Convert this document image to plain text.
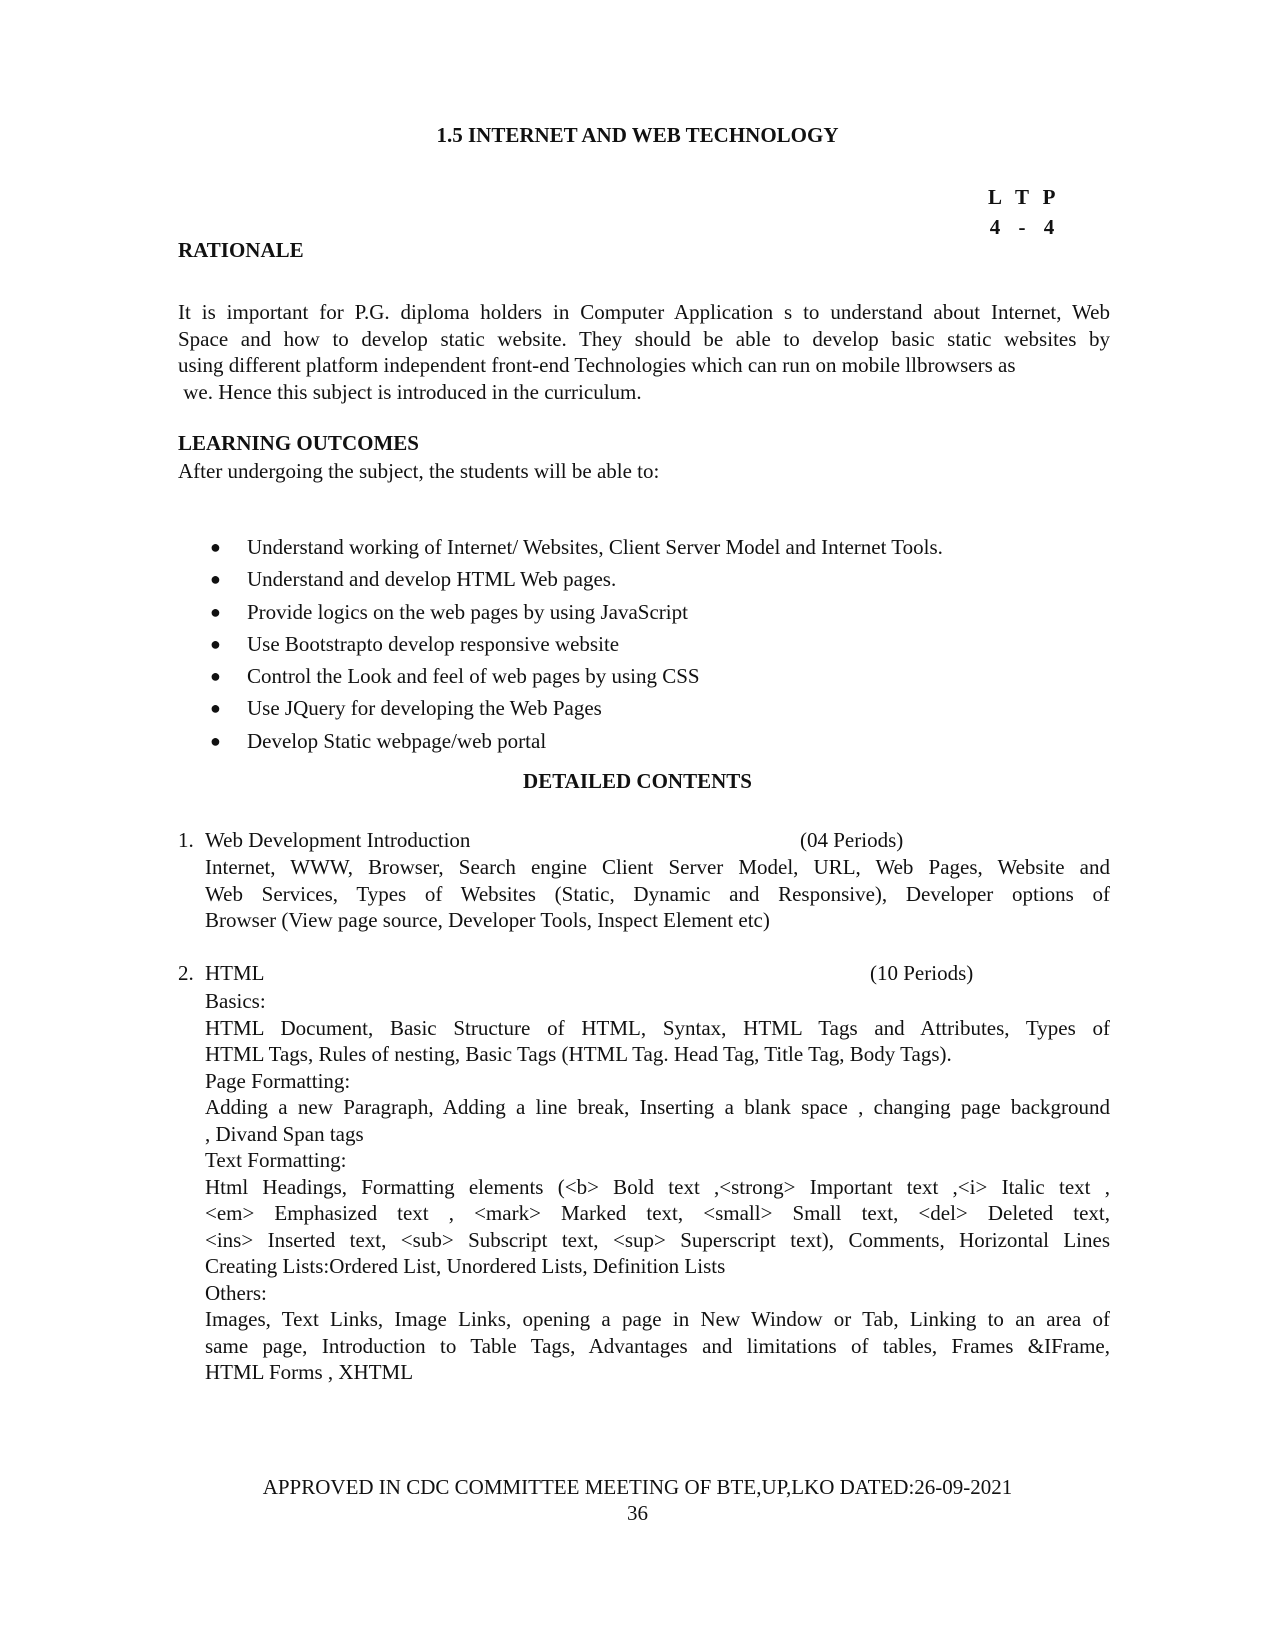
1.5 INTERNET AND WEB TECHNOLOGY
L T P
4 - 4
RATIONALE
It is important for P.G. diploma holders in Computer Application s to understand about Internet, Web
Space and how to develop static website. They should be able to develop basic static websites by
using different platform independent front-end Technologies which can run on mobile llbrowsers as
we. Hence this subject is introduced in the curriculum.
LEARNING OUTCOMES
After undergoing the subject, the students will be able to:
● Understand working of Internet/ Websites, Client Server Model and Internet Tools.
● Understand and develop HTML Web pages.
● Provide logics on the web pages by using JavaScript
● Use Bootstrapto develop responsive website
● Control the Look and feel of web pages by using CSS
● Use JQuery for developing the Web Pages
● Develop Static webpage/web portal
DETAILED CONTENTS
1. Web Development Introduction	(04 Periods)
Internet, WWW, Browser, Search engine Client Server Model, URL, Web Pages, Website and
Web Services, Types of Websites (Static, Dynamic and Responsive), Developer options of
Browser (View page source, Developer Tools, Inspect Element etc)
2. HTML	(10 Periods)
Basics:
HTML Document, Basic Structure of HTML, Syntax, HTML Tags and Attributes, Types of
HTML Tags, Rules of nesting, Basic Tags (HTML Tag. Head Tag, Title Tag, Body Tags).
Page Formatting:
Adding a new Paragraph, Adding a line break, Inserting a blank space , changing page background
, Divand Span tags
Text Formatting:
Html Headings, Formatting elements (<b> Bold text ,<strong> Important text ,<i> Italic text ,
<em> Emphasized text , <mark> Marked text, <small> Small text, <del> Deleted text,
<ins> Inserted text, <sub> Subscript text, <sup> Superscript text), Comments, Horizontal Lines
Creating Lists:Ordered List, Unordered Lists, Definition Lists
Others:
Images, Text Links, Image Links, opening a page in New Window or Tab, Linking to an area of
same page, Introduction to Table Tags, Advantages and limitations of tables, Frames &IFrame,
HTML Forms , XHTML
APPROVED IN CDC COMMITTEE MEETING OF BTE,UP,LKO DATED:26-09-2021
36
